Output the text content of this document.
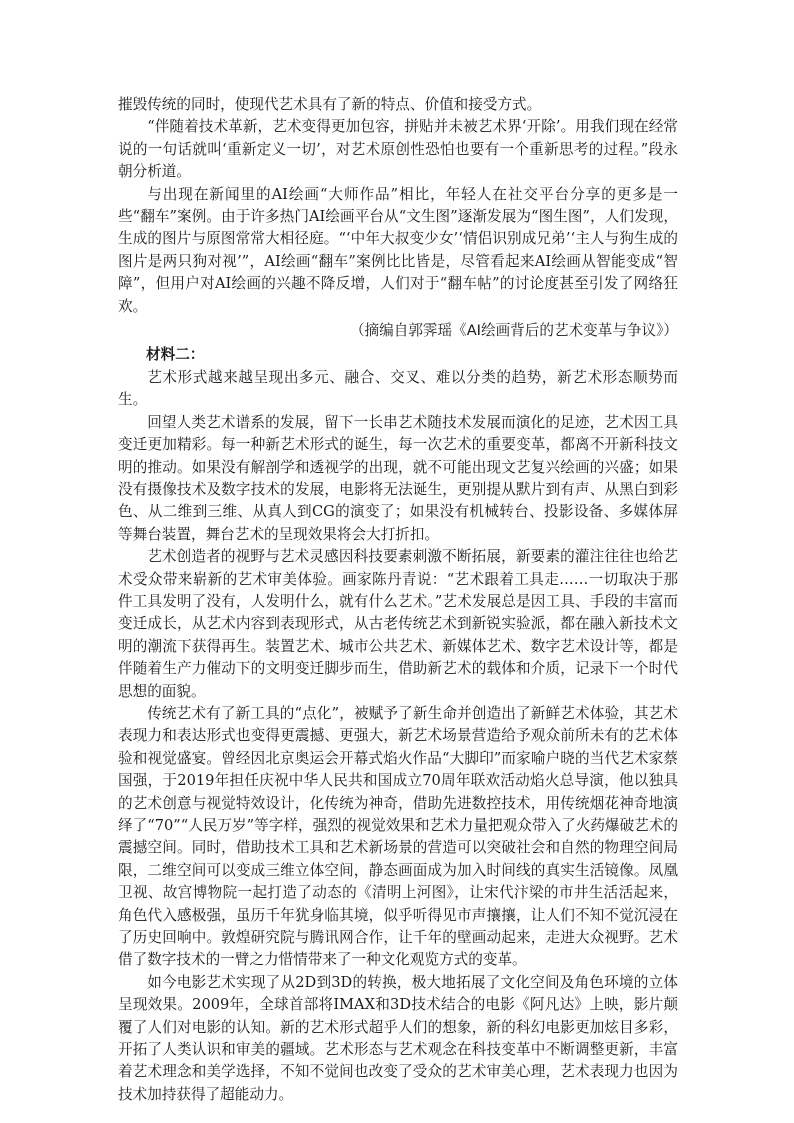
摧毁传统的同时，使现代艺术具有了新的特点、价值和接受方式。

“伴随着技术革新，艺术变得更加包容，拼贴并未被艺术界‘开除’。用我们现在经常说的一句话就叫‘重新定义一切’，对艺术原创性恐怕也要有一个重新思考的过程。”段永朝分析道。

与出现在新闻里的AI绘画“大师作品”相比，年轻人在社交平台分享的更多是一些“翻车”案例。由于许多热门AI绘画平台从“文生图”逐渐发展为“图生图”，人们发现，生成的图片与原图常常大相径庭。“‘中年大叔变少女’‘情侣识别成兄弟’‘主人与狗生成的图片是两只狗对视’”，AI绘画“翻车”案例比比皆是，尽管看起来AI绘画从智能变成“智障”，但用户对AI绘画的兴趣不降反增，人们对于“翻车帖”的讨论度甚至引发了网络狂欢。

（摘编自郭霁瑶《AI绘画背后的艺术变革与争议》）

材料二：

艺术形式越来越呈现出多元、融合、交叉、难以分类的趋势，新艺术形态顺势而生。

回望人类艺术谱系的发展，留下一长串艺术随技术发展而演化的足迹，艺术因工具变迁更加精彩。每一种新艺术形式的诞生，每一次艺术的重要变革，都离不开新科技文明的推动。如果没有解剖学和透视学的出现，就不可能出现文艺复兴绘画的兴盛；如果没有摄像技术及数字技术的发展，电影将无法诞生，更别提从默片到有声、从黑白到彩色、从二维到三维、从真人到CG的演变了；如果没有机械转台、投影设备、多媒体屏等舞台装置，舞台艺术的呈现效果将会大打折扣。

艺术创造者的视野与艺术灵感因科技要素刺激不断拓展，新要素的灌注往往也给艺术受众带来崭新的艺术审美体验。画家陈丹青说：“艺术跟着工具走……一切取决于那件工具发明了没有，人发明什么，就有什么艺术。”艺术发展总是因工具、手段的丰富而变迁成长，从艺术内容到表现形式，从古老传统艺术到新锐实验派，都在融入新技术文明的潮流下获得再生。装置艺术、城市公共艺术、新媒体艺术、数字艺术设计等，都是伴随着生产力催动下的文明变迁脚步而生，借助新艺术的载体和介质，记录下一个时代思想的面貌。

传统艺术有了新工具的“点化”，被赋予了新生命并创造出了新鲜艺术体验，其艺术表现力和表达形式也变得更震撼、更强大，新艺术场景营造给予观众前所未有的艺术体验和视觉盛宴。曾经因北京奥运会开幕式焰火作品“大脚印”而家喻户晓的当代艺术家蔡国强，于2019年担任庆祝中华人民共和国成立70周年联欢活动焰火总导演，他以独具的艺术创意与视觉特效设计，化传统为神奇，借助先进数控技术，用传统烟花神奇地演绎了“70”“人民万岁”等字样，强烈的视觉效果和艺术力量把观众带入了火药爆破艺术的震撼空间。同时，借助技术工具和艺术新场景的营造可以突破社会和自然的物理空间局限，二维空间可以变成三维立体空间，静态画面成为加入时间线的真实生活镜像。凤凰卫视、故宫博物院一起打造了动态的《清明上河图》，让宋代汴梁的市井生活活起来，角色代入感极强，虽历千年犹身临其境，似乎听得见市声攘攘，让人们不知不觉沉浸在了历史回响中。敦煌研究院与腾讯网合作，让千年的壁画动起来，走进大众视野。艺术借了数字技术的一臂之力惜情带来了一种文化观览方式的变革。

如今电影艺术实现了从2D到3D的转换，极大地拓展了文化空间及角色环境的立体呈现效果。2009年，全球首部将IMAX和3D技术结合的电影《阿凡达》上映，影片颠覆了人们对电影的认知。新的艺术形式超乎人们的想象，新的科幻电影更加炫目多彩，开拓了人类认识和审美的疆域。艺术形态与艺术观念在科技变革中不断调整更新，丰富着艺术理念和美学选择，不知不觉间也改变了受众的艺术审美心理，艺术表现力也因为技术加持获得了超能动力。
